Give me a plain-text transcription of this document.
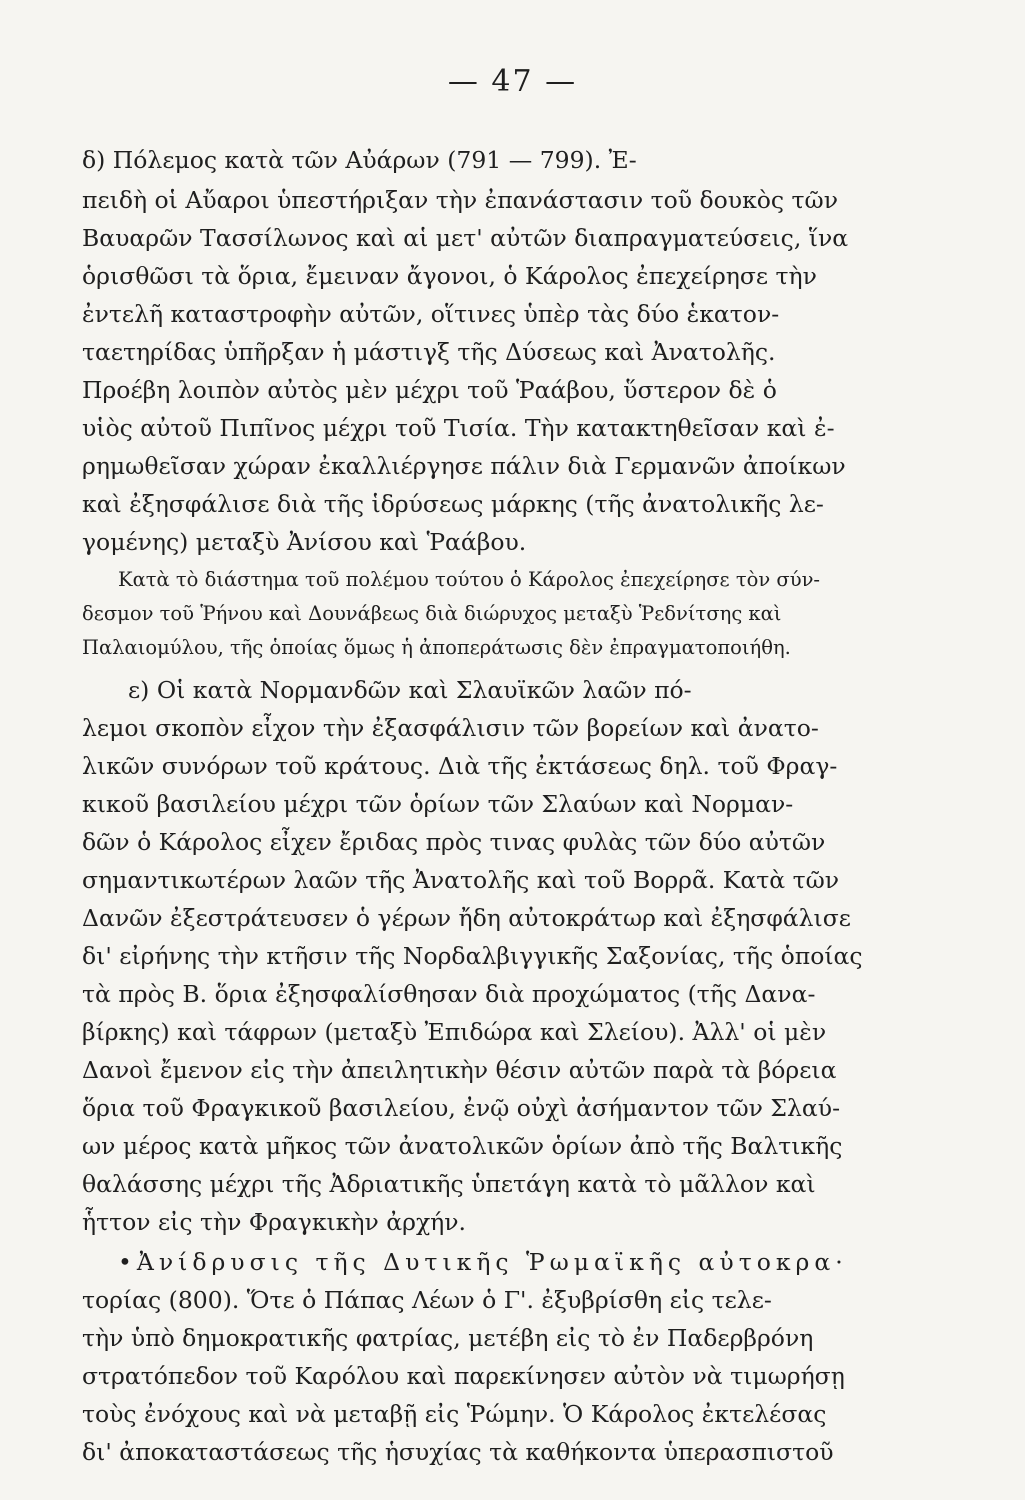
— 47 —
δ) Πόλεμος κατὰ τῶν Αὐάρων (791 — 799). Ἐ-
πειδὴ οἱ Αὔαροι ὑπεστήριξαν τὴν ἐπανάστασιν τοῦ δουκὸς τῶν
Βαυαρῶν Τασσίλωνος καὶ αἱ μετ' αὐτῶν διαπραγματεύσεις, ἵνα
ὁρισθῶσι τὰ ὅρια, ἔμειναν ἄγονοι, ὁ Κάρολος ἐπεχείρησε τὴν
ἐντελῆ καταστροφὴν αὐτῶν, οἵτινες ὑπὲρ τὰς δύο ἑκατον-
ταετηρίδας ὑπῆρξαν ἡ μάστιγξ τῆς Δύσεως καὶ Ἀνατολῆς.
Προέβη λοιπὸν αὐτὸς μὲν μέχρι τοῦ Ῥαάβου, ὕστερον δὲ ὁ
υἱὸς αὐτοῦ Πιπῖνος μέχρι τοῦ Τισία. Τὴν κατακτηθεῖσαν καὶ ἐ-
ρημωθεῖσαν χώραν ἐκαλλιέργησε πάλιν διὰ Γερμανῶν ἀποίκων
καὶ ἐξησφάλισε διὰ τῆς ἱδρύσεως μάρκης (τῆς ἀνατολικῆς λε-
γομένης) μεταξὺ Ἀνίσου καὶ Ῥαάβου.
Κατὰ τὸ διάστημα τοῦ πολέμου τούτου ὁ Κάρολος ἐπεχείρησε τὸν σύν-
δεσμον τοῦ Ῥήνου καὶ Δουνάβεως διὰ διώρυχος μεταξὺ Ῥεδνίτσης καὶ
Παλαιομύλου, τῆς ὁποίας ὅμως ἡ ἀποπεράτωσις δὲν ἐπραγματοποιήθη.
ε) Οἱ κατὰ Νορμανδῶν καὶ Σλαυϊκῶν λαῶν πό-
λεμοι σκοπὸν εἶχον τὴν ἐξασφάλισιν τῶν βορείων καὶ ἀνατο-
λικῶν συνόρων τοῦ κράτους. Διὰ τῆς ἐκτάσεως δηλ. τοῦ Φραγ-
κικοῦ βασιλείου μέχρι τῶν ὁρίων τῶν Σλαύων καὶ Νορμαν-
δῶν ὁ Κάρολος εἶχεν ἔριδας πρὸς τινας φυλὰς τῶν δύο αὐτῶν
σημαντικωτέρων λαῶν τῆς Ἀνατολῆς καὶ τοῦ Βορρᾶ. Κατὰ τῶν
Δανῶν ἐξεστράτευσεν ὁ γέρων ἤδη αὐτοκράτωρ καὶ ἐξησφάλισε
δι' εἰρήνης τὴν κτῆσιν τῆς Νορδαλβιγγικῆς Σαξονίας, τῆς ὁποίας
τὰ πρὸς Β. ὅρια ἐξησφαλίσθησαν διὰ προχώματος (τῆς Δανα-
βίρκης) καὶ τάφρων (μεταξὺ Ἐπιδώρα καὶ Σλείου). Ἀλλ' οἱ μὲν
Δανοὶ ἔμενον εἰς τὴν ἀπειλητικὴν θέσιν αὐτῶν παρὰ τὰ βόρεια
ὅρια τοῦ Φραγκικοῦ βασιλείου, ἐνῷ οὐχὶ ἀσήμαντον τῶν Σλαύ-
ων μέρος κατὰ μῆκος τῶν ἀνατολικῶν ὁρίων ἀπὸ τῆς Βαλτικῆς
θαλάσσης μέχρι τῆς Ἀδριατικῆς ὑπετάγη κατὰ τὸ μᾶλλον καὶ
ἧττον εἰς τὴν Φραγκικὴν ἀρχήν.
•Ἀνίδρυσις τῆς Δυτικῆς Ῥωμαϊκῆς αὐτοκρα·
τορίας (800). Ὅτε ὁ Πάπας Λέων ὁ Γ'. ἐξυβρίσθη εἰς τελε-
τὴν ὑπὸ δημοκρατικῆς φατρίας, μετέβη εἰς τὸ ἐν Παδερβρόνη
στρατόπεδον τοῦ Καρόλου καὶ παρεκίνησεν αὐτὸν νὰ τιμωρήσῃ
τοὺς ἐνόχους καὶ νὰ μεταβῇ εἰς Ῥώμην. Ὁ Κάρολος ἐκτελέσας
δι' ἀποκαταστάσεως τῆς ἡσυχίας τὰ καθήκοντα ὑπερασπιστοῦ
